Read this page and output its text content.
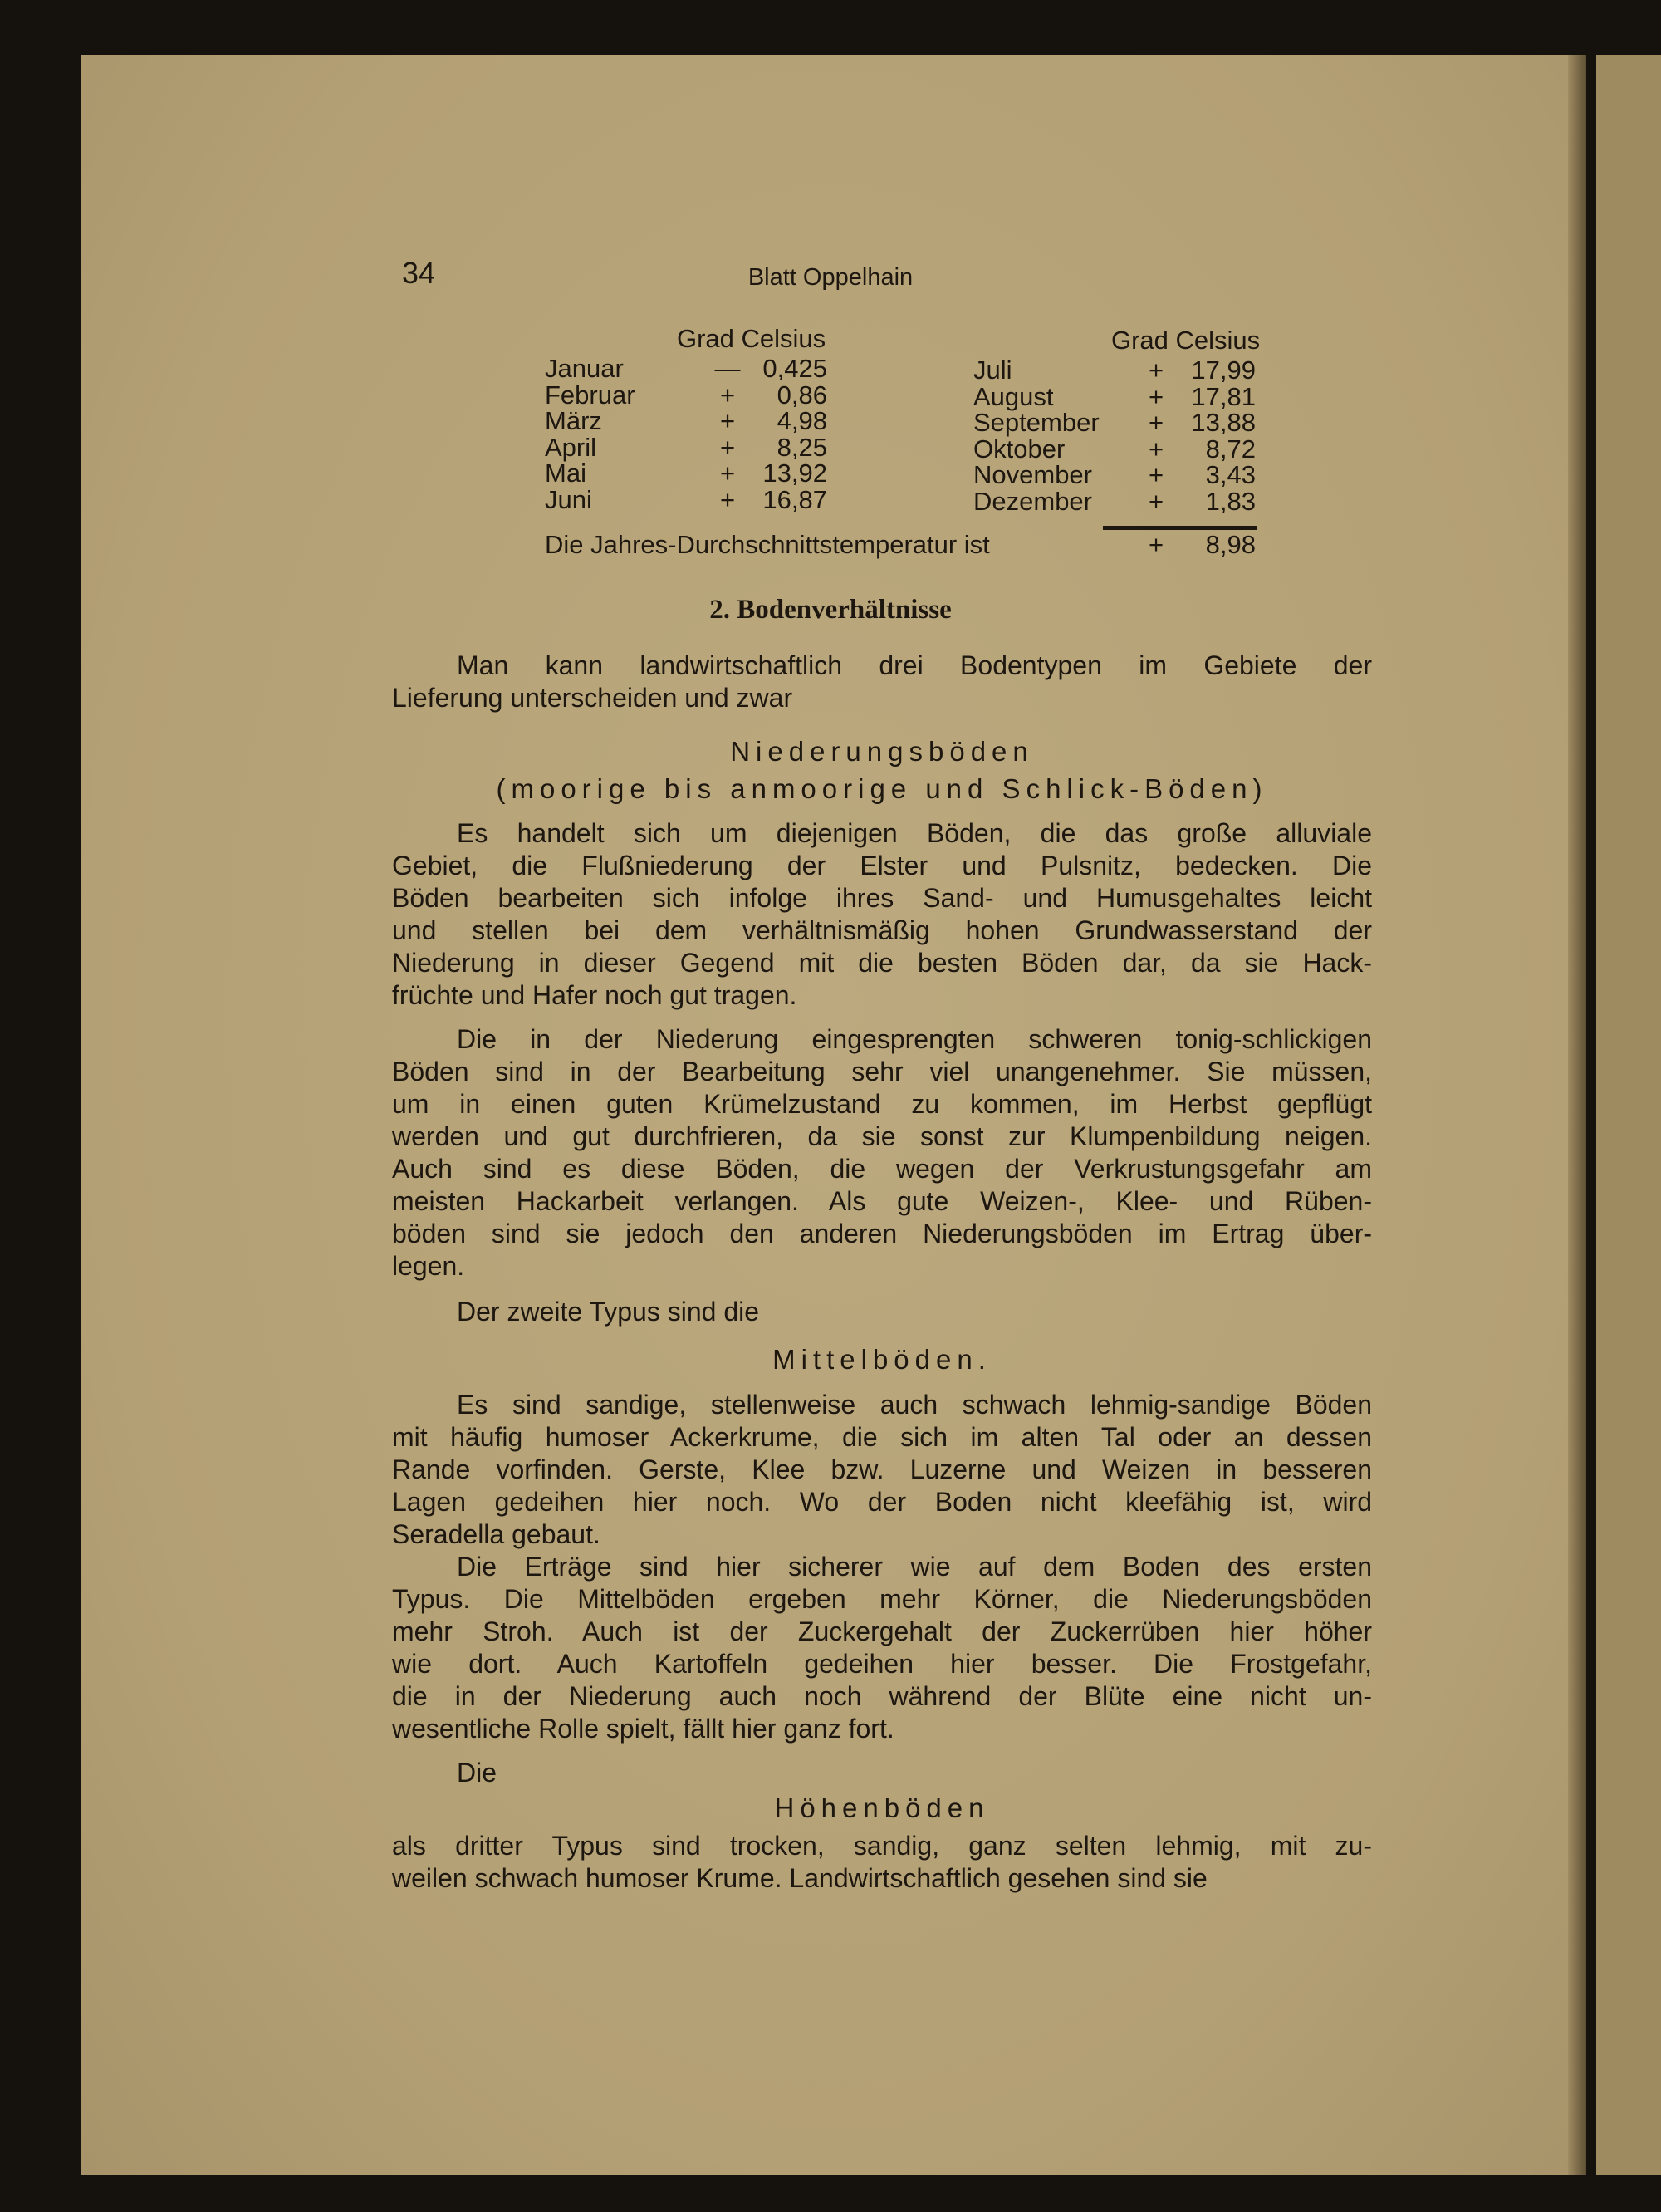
34	Blatt Oppelhain
Grad Celsius	Grad Celsius
Januar	— 0,425
Februar	+	0,86
März	+	4,98
April	+	8,25
Mai	+	13,92
Juni	+	16,87
Juli	+	17,99
August	+	17,81
September	+	13,88
Oktober	+	8,72
November	+	3,43
Dezember	+	1,83
Die Jahres-Durchschnittstemperatur ist	+	8,98
2. Bodenverhältnisse
Man kann landwirtschaftlich drei Bodentypen im Gebiete der
Lieferung unterscheiden und zwar
Niederungsböden
(moorige bis anmoorige und Schlick-Böden)
Es handelt sich um diejenigen Böden, die das große alluviale
Gebiet, die Flußniederung der Elster und Pulsnitz, bedecken. Die
Böden bearbeiten sich infolge ihres Sand- und Humusgehaltes leicht
und stellen bei dem verhältnismäßig hohen Grundwasserstand der
Niederung in dieser Gegend mit die besten Böden dar, da sie Hack-
früchte und Hafer noch gut tragen.
Die in der Niederung eingesprengten schweren tonig-schlickigen
Böden sind in der Bearbeitung sehr viel unangenehmer. Sie müssen,
um in einen guten Krümelzustand zu kommen, im Herbst gepflügt
werden und gut durchfrieren, da sie sonst zur Klumpenbildung neigen.
Auch sind es diese Böden, die wegen der Verkrustungsgefahr am
meisten Hackarbeit verlangen. Als gute Weizen-, Klee- und Rüben-
böden sind sie jedoch den anderen Niederungsböden im Ertrag über-
legen.
Der zweite Typus sind die
Mittelböden.
Es sind sandige, stellenweise auch schwach lehmig-sandige Böden
mit häufig humoser Ackerkrume, die sich im alten Tal oder an dessen
Rande vorfinden. Gerste, Klee bzw. Luzerne und Weizen in besseren
Lagen gedeihen hier noch. Wo der Boden nicht kleefähig ist, wird
Seradella gebaut.
Die Erträge sind hier sicherer wie auf dem Boden des ersten
Typus. Die Mittelböden ergeben mehr Körner, die Niederungsböden
mehr Stroh. Auch ist der Zuckergehalt der Zuckerrüben hier höher
wie dort. Auch Kartoffeln gedeihen hier besser. Die Frostgefahr,
die in der Niederung auch noch während der Blüte eine nicht un-
wesentliche Rolle spielt, fällt hier ganz fort.
Die
Höhenböden
als dritter Typus sind trocken, sandig, ganz selten lehmig, mit zu-
weilen schwach humoser Krume. Landwirtschaftlich gesehen sind sie
